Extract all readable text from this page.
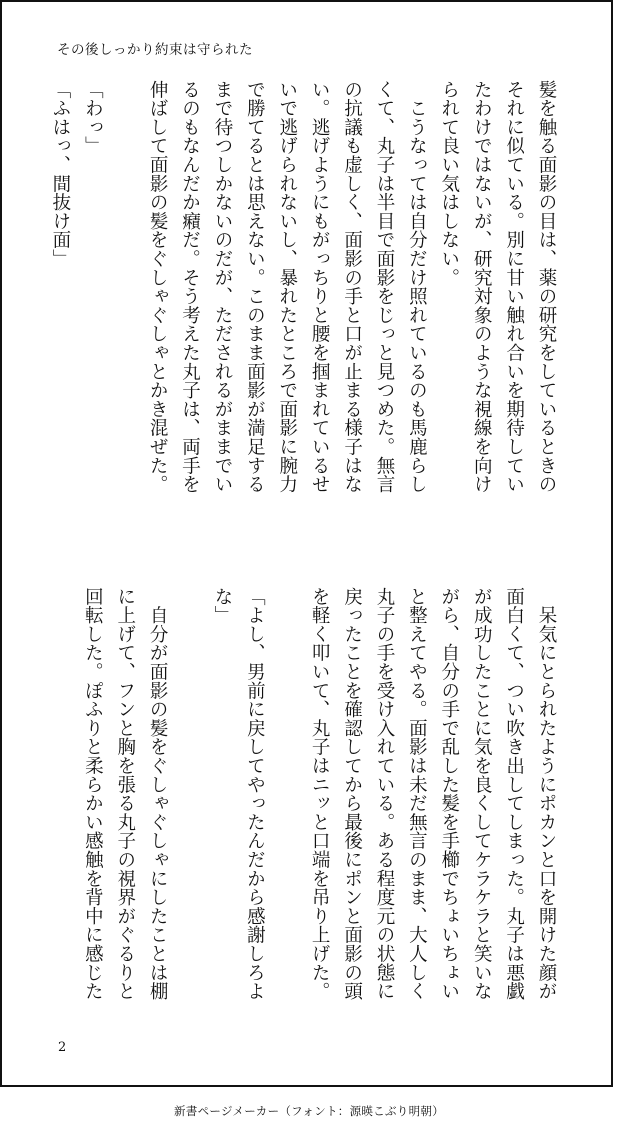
その後しっかり約束は守られた
髪を触る面影の目は、薬の研究をしているときの
それに似ている。別に甘い触れ合いを期待してい
たわけではないが、研究対象のような視線を向け
られて良い気はしない。
　こうなっては自分だけ照れているのも馬鹿らし
くて、丸子は半目で面影をじっと見つめた。無言
の抗議も虚しく、面影の手と口が止まる様子はな
い。逃げようにもがっちりと腰を掴まれているせ
いで逃げられないし、暴れたところで面影に腕力
で勝てるとは思えない。このまま面影が満足する
まで待つしかないのだが、ただされるがままでい
るのもなんだか癪だ。そう考えた丸子は、両手を
伸ばして面影の髪をぐしゃぐしゃとかき混ぜた。

「わっ」
「ふはっ、間抜け面」
　呆気にとられたようにポカンと口を開けた顔が
面白くて、つい吹き出してしまった。丸子は悪戯
が成功したことに気を良くしてケラケラと笑いな
がら、自分の手で乱した髪を手櫛でちょいちょい
と整えてやる。面影は未だ無言のまま、大人しく
丸子の手を受け入れている。ある程度元の状態に
戻ったことを確認してから最後にポンと面影の頭
を軽く叩いて、丸子はニッと口端を吊り上げた。

「よし、男前に戻してやったんだから感謝しろよ
な」

　自分が面影の髪をぐしゃぐしゃにしたことは棚
に上げて、フンと胸を張る丸子の視界がぐるりと
回転した。ぽふりと柔らかい感触を背中に感じた
2
新書ページメーカー（フォント：源暎こぶり明朝）
